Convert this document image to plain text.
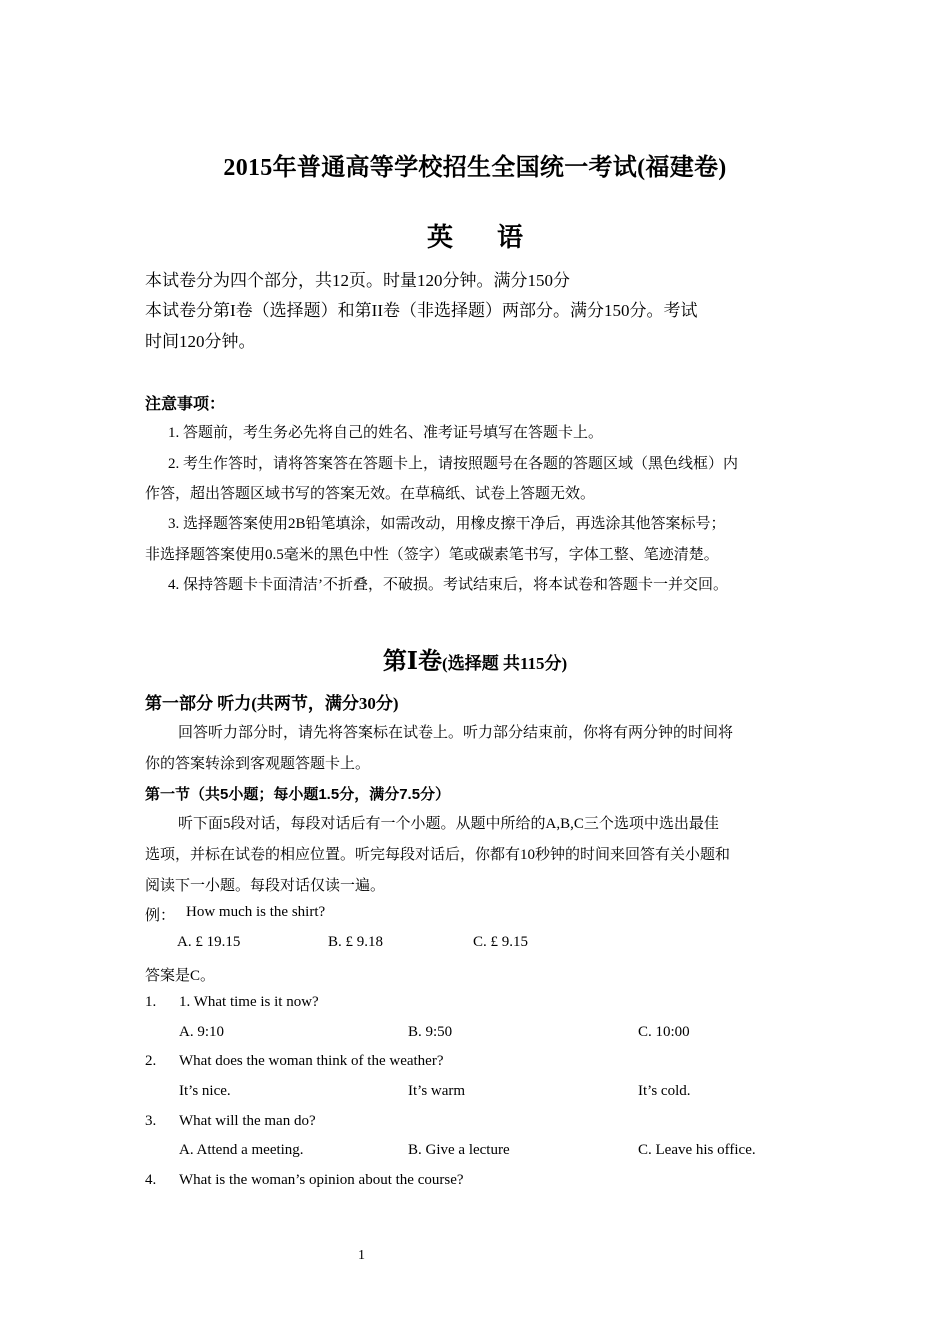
2015年普通高等学校招生全国统一考试(福建卷)
英语
本试卷分为四个部分，共12页。时量120分钟。满分150分
本试卷分第I卷（选择题）和第II卷（非选择题）两部分。满分150分。考试
时间120分钟。
注意事项：
1. 答题前，考生务必先将自己的姓名、准考证号填写在答题卡上。
2. 考生作答时，请将答案答在答题卡上，请按照题号在各题的答题区域（黑色线框）内
作答，超出答题区域书写的答案无效。在草稿纸、试卷上答题无效。
3. 选择题答案使用2B铅笔填涂，如需改动，用橡皮擦干净后，再选涂其他答案标号；
非选择题答案使用0.5毫米的黑色中性（签字）笔或碳素笔书写，字体工整、笔迹清楚。
4. 保持答题卡卡面清洁’不折叠，不破损。考试结束后，将本试卷和答题卡一并交回。
第Ⅰ卷(选择题 共115分)
第一部分 听力(共两节，满分30分)
回答听力部分时，请先将答案标在试卷上。听力部分结束前，你将有两分钟的时间将
你的答案转涂到客观题答题卡上。
第一节（共5小题；每小题1.5分，满分7.5分）
听下面5段对话，每段对话后有一个小题。从题中所给的A,B,C三个选项中选出最佳
选项，并标在试卷的相应位置。听完每段对话后，你都有10秒钟的时间来回答有关小题和
阅读下一小题。每段对话仅读一遍。
例： How much is the shirt?
A. £ 19.15	B. £ 9.18	C. £ 9.15
答案是C。
1. 1. What time is it now?
A. 9:10	B. 9:50	C. 10:00
2. What does the woman think of the weather?
It’s nice.	It’s warm	It’s cold.
3. What will the man do?
A. Attend a meeting.	B. Give a lecture	C. Leave his office.
4. What is the woman’s opinion about the course?
1
